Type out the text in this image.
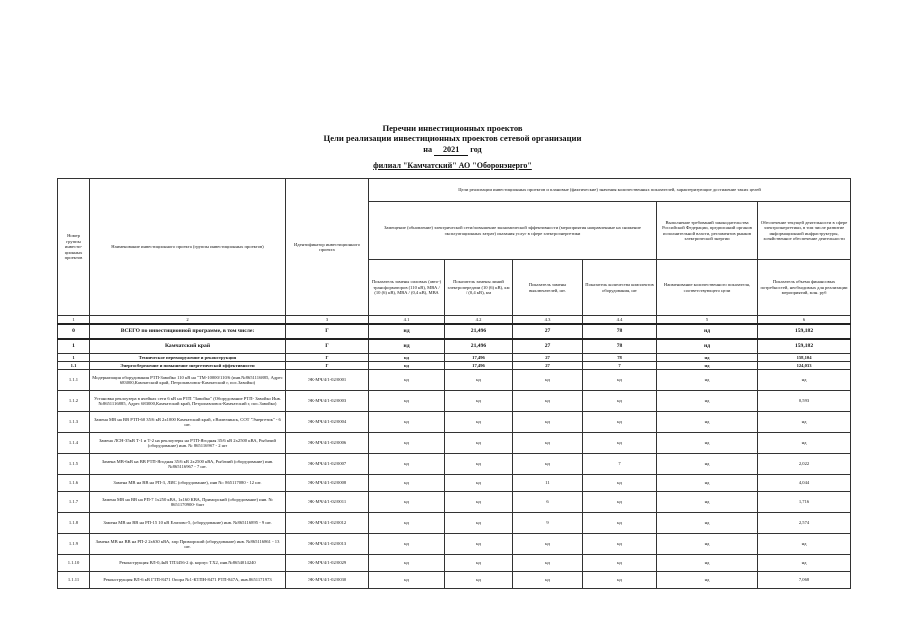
Перечни инвестиционных проектов
Цели реализации инвестиционных проектов сетевой организации
на 2021 год
филиал "Камчатский" АО "Оборонэнерго"
Номер группы инвести-ционных проектов	Наименование инвестиционного проекта (группы инвестиционных проектов)	Идентификатор инвестиционного проекта	Цели реализации инвестиционных проектов и плановые (фактические) значения количественных показателей, характеризующие достижение таких целей					
			Замещение (обновление) электрической сети/повышение экономической эффективности (мероприятия направленные на снижение эксплуатационных затрат) оказания услуг в сфере электроэнергетики				Выполнение требований законодательства Российской Федерации, предписаний органов исполнительной власти, регламентов рынков электрической энергии	Обеспечение текущей деятельности в сфере электроэнергетики, в том числе развитие информационной инфраструктуры, хозяйственное обеспечение деятельности
			Показатель замены силовых (авто-) трансформаторов (110 кВ), МВА / (10 (6) кВ), МВА / (0,4 кВ), МВА	Показатель замены линий электропередачи (10 (6) кВ), км / (0,4 кВ), км	Показатель замены выключателей, шт.	Показатель количества комплектов оборудования, шт	Наименование количественного показателя, соответствующего цели	Показатель объема финансовых потребностей, необходимых для реализации мероприятий, млн. руб
1	2	3	4.1	4.2	4.3	4.4	5	6
0	ВСЕГО по инвестиционной программе, в том числе:	Г	нд	21,496	27	78	нд	159,182
1	Камчатский край	Г	нд	21,496	27	78	нд	159,182
1	Техническое перевооружение и реконструкция	Г	нд	17,496	27	78	нд	158,104
1.1	Энергосбережение и повышение энергетической эффективности	Г	нд	17,496	27	7	нд	124,033
1.1.1	Модернизация оборудования РТП-Завойко 110 кВ на "ТМ-10000/110/6 (инв.№8651116885, Адрес 683000,Камчатский край, Петропавловск-Камчатский г, пос.Завойко)	ЭК-МЧ/4/1-02/0001	нд	нд	нд	нд	нд	нд
1.1.2	Установка реклоузера в ячейках сети 6 кВ на РТП "Завойко" (Оборудование РТП- Завойко Инв.№8651116885, Адрес 683000,Камчатский край, Петропавловск-Камчатский г, пос.Завойко)	ЭК-МЧ/4/1-02/0003	нд	нд	нд	нд	нд	0,593
1.1.3	Замена МВ на ВВ РТП-60 35/6 кВ 2х1000 Камчатский край, г.Вилючинск, СОТ "Энергетик" - 6 шт.	ЭК-МЧ/4/1-02/0004	нд	нд	нд	нд	нд	нд
1.1.4	Замена ЛСН-35кВ Т-1 и Т-2 на реклоузеры на РТП-Ягодная 35/6 кВ 2х2500 кВА, Рыбачий (оборудование) инв. № 8651169б7 - 2 шт	ЭК-МЧ/4/1-02/0006	нд	нд	нд	нд	нд	нд
1.1.5	Замена МВ-6кВ на ВВ РТП-Ягодная 35/6 кВ 2х2500 кВА, Рыбачий (оборудование) инв. №865116967 - 7 шт.	ЭК-МЧ/4/1-02/0007	нд	нд	нд	7	нд	2,022
1.1.6	Замена МВ на ВВ на РП-3, ЛИС (оборудование), инв №: 865117080 - 12 шт.	ЭК-МЧ/4/1-02/0008	нд	нд	11	нд	нд	4,044
1.1.7	Замена МВ на ВВ на РП-7 1х250 кВА, 1х160 КВА, Приморский (оборудование) инв. № 8651170900- 6шт	ЭК-МЧ/4/1-02/0011	нд	нд	6	нд	нд	1,716
1.1.8	Замена МВ на ВВ на РП-15 10 кВ Елизово-5, (оборудование) инв. №865116895 - 9 шт.	ЭК-МЧ/4/1-02/0012	нд	нд	9	нд	нд	2,574
1.1.9	Замена МВ на ВВ на РП-2 2х630 кВА, хпр Приморский (оборудование) инв. №865116861 - 13 шт.	ЭК-МЧ/4/1-02/0013	нд	нд	нд	нд	нд	нд
1.1.10	Реконструкция ВЛ-0,4кВ ТП3456-2 ф. корпус ТХ2, инв.№8654014240	ЭК-МЧ/4/1-02/0029	нд	нд	нд	нд	нд	нд
1.1.11	Реконструкция ВЛ-6 кВ ГТП-8471 Опора №1-КТПН-8471 РТП-847А, инв.8651171973	ЭК-МЧ/4/1-02/0030	нд	нд	нд	нд	нд	7,068
